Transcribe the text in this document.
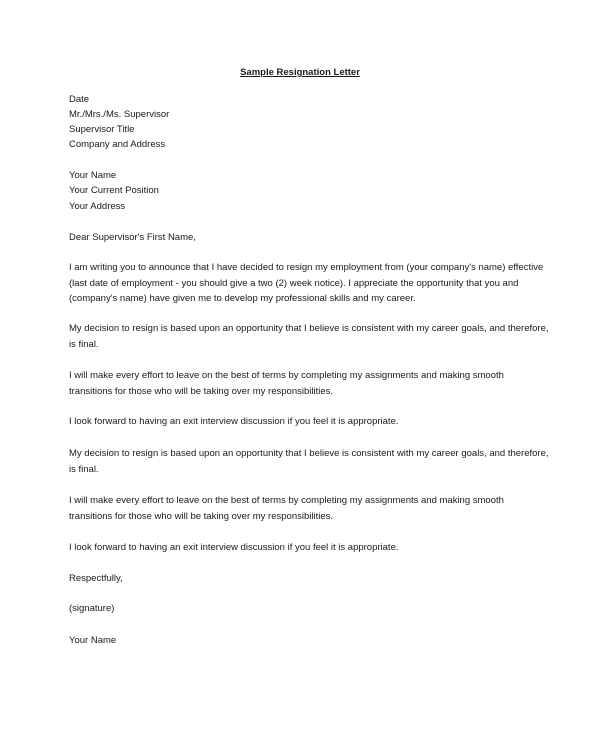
Sample Resignation Letter
Date
Mr./Mrs./Ms. Supervisor
Supervisor Title
Company and Address
Your Name
Your Current Position
Your Address
Dear Supervisor's First Name,
I am writing you to announce that I have decided to resign my employment from (your company's name) effective
(last date of employment - you should give a two (2) week notice). I appreciate the opportunity that you and
(company's name) have given me to develop my professional skills and my career.
My decision to resign is based upon an opportunity that I believe is consistent with my career goals, and therefore,
is final.
I will make every effort to leave on the best of terms by completing my assignments and making smooth
transitions for those who will be taking over my responsibilities.
I look forward to having an exit interview discussion if you feel it is appropriate.
My decision to resign is based upon an opportunity that I believe is consistent with my career goals, and therefore,
is final.
I will make every effort to leave on the best of terms by completing my assignments and making smooth
transitions for those who will be taking over my responsibilities.
I look forward to having an exit interview discussion if you feel it is appropriate.
Respectfully,
(signature)
Your Name
